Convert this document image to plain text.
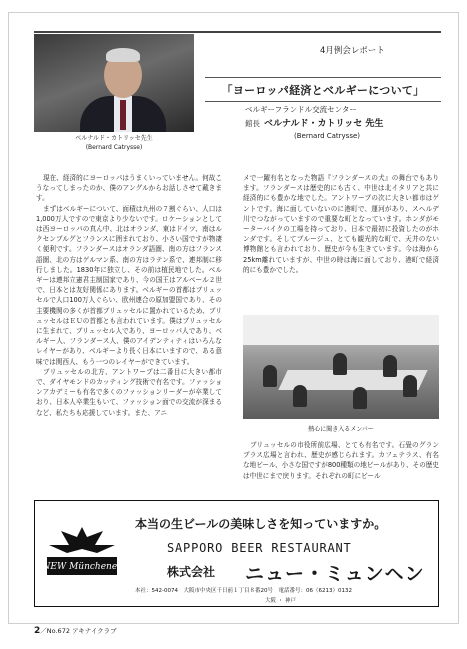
ベルナルド・カトリッセ先生
(Bernard Catrysse)
4月例会レポート
「ヨーロッパ経済とベルギーについて」
ベルギーフランドル交流センター
館長 ベルナルド・カトリッセ 先生
(Bernard Catrysse)

現在、経済的にヨーロッパはうまくいっていません。何故こうなってしまったのか、僕のアングルからお話しさせて戴きます。

まずはベルギーについて、面積は九州の７割ぐらい、人口は1,000万人ですので東京より少ないです。ロケーションとしては西ヨーロッパの真ん中、北はオランダ、東はドイツ、南はルクセンブルグとフランスに囲まれており、小さい国ですが物凄く便利です。フランダースはオランダ語圏、南の方はフランス語圏、北の方はゲルマン系、南の方はラテン系で、連邦制に移行しました。1830年に独立し、その前は植民地でした。ベルギーは連邦立憲君主制国家であり、今の国王はアルベール２世で、日本とは友好関係にあります。ベルギーの首都はブリュッセルで人口100万人ぐらい、欧州連合の原加盟国であり、その主要機関の多くが首都ブリュッセルに置かれているため、ブリュッセルはＥＵの首都とも言われています。僕はブリュッセルに生まれて、ブリュッセル人であり、ヨーロッパ人であり、ベルギー人、フランダース人、僕のアイデンティティはいろんなレイヤーがあり、ベルギーより長く日本にいますので、ある意味では関西人、もう一つのレイヤーができています。

ブリュッセルの北方、アントワープは二番目に大きい都市で、ダイヤモンドのカッティング技術で有名です。ファッションアカデミーも有名で多くのファッションリーダーが卒業しており、日本人卒業生もいて、ファッション面での交流が深まるなど、私たちも応援しています。また、アニ

メで一躍有名となった物語『フランダースの犬』の舞台でもあります。フランダースは歴史的にも古く、中世は北イタリアと共に経済的にも豊かな地でした。アントワープの次に大きい都市はゲントです。海に面していないのに港町で、運河があり、スヘルデ川でつながっていますので重要な町となっています。ホンダがモーターバイクの工場を持っており、日本で最初に投資したのがホンダです。そしてブルージュ、とても観光的な町で、天井のない博物館とも言われており、歴史が今も生きています。今は海から25km離れていますが、中世の時は海に面しており、港町で経済的にも豊かでした。

熱心に聞き入るメンバー

ブリュッセルの市役所前広場、とても有名です。石畳のグランプラス広場と言われ、歴史が感じられます。カフェテラス、有名な地ビール、小さな国ですが800種類の地ビールがあり、その歴史は中世にまで戻ります。それぞれの町にビール

NEW Münchener
本当の生ビールの美味しさを知っていますか。
SAPPORO BEER RESTAURANT
株式会社 ニュー・ミュンヘン
本社：542-0074　大阪市中央区千日前１丁目８番20号　電話番号：06（6213）0132
大阪 ・ 神戸
2／No.672 アキナイクラブ
